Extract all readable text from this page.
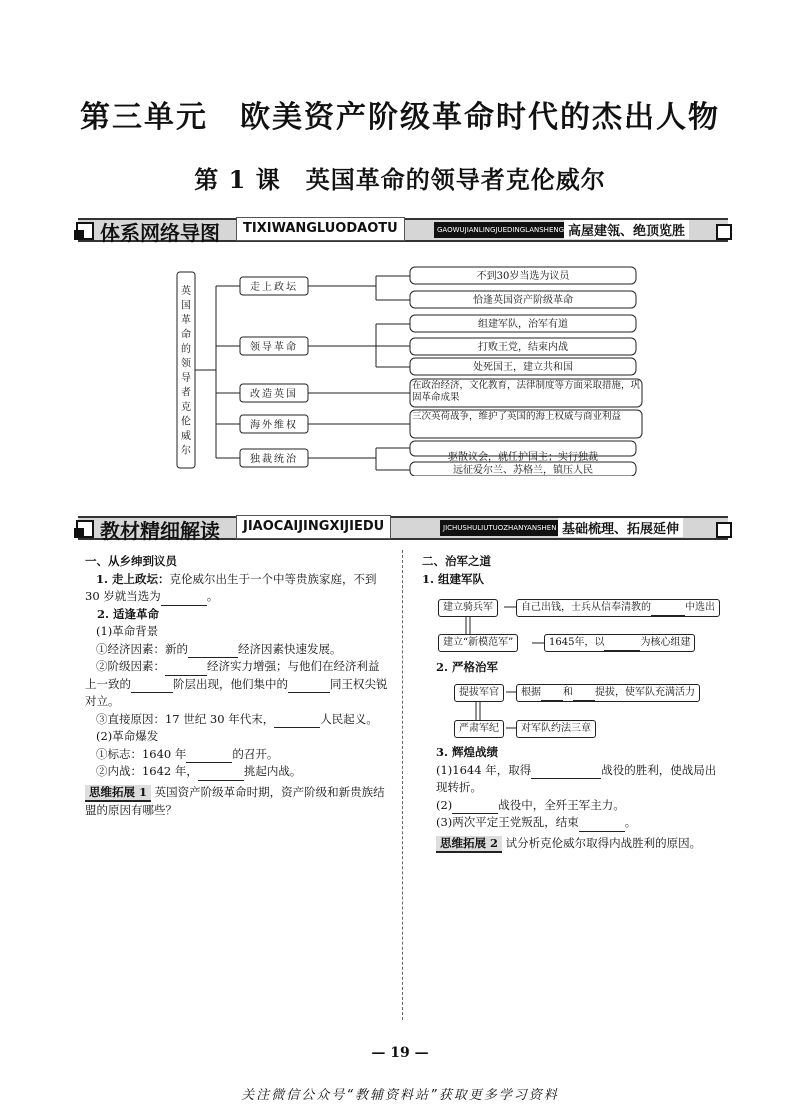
第三单元　欧美资产阶级革命时代的杰出人物
第 1 课　英国革命的领导者克伦威尔
体系网络导图	TIXIWANGLUODAOTU	GAOWUJIANLINGJUEDINGLANSHENG 高屋建瓴、绝顶览胜
英国革命的领导者克伦威尔
走上政坛
领导革命
改造英国
海外维权
独裁统治
不到30岁当选为议员
恰逢英国资产阶级革命
组建军队，治军有道
打败王党，结束内战
处死国王，建立共和国
驱散议会，就任护国主；实行独裁
远征爱尔兰、苏格兰，镇压人民
在政治经济，文化教育，法律制度等方面采取措施，巩固革命成果
三次英荷战争，维护了英国的海上权威与商业利益
教材精细解读	JIAOCAIJINGXIJIEDU	JICHUSHULIUTUOZHANYANSHEN 基础梳理、拓展延伸

一、从乡绅到议员

1. 走上政坛：克伦威尔出生于一个中等贵族家庭，不到

30 岁就当选为	。

2. 适逢革命

(1)革命背景

①经济因素：新的	经济因素快速发展。

②阶级因素：	经济实力增强；与他们在经济利益

上一致的	阶层出现，他们集中的	同王权尖锐

对立。

③直接原因：17 世纪 30 年代末，	人民起义。

(2)革命爆发

①标志：1640 年	的召开。

②内战：1642 年，	挑起内战。

思维拓展 1 英国资产阶级革命时期，资产阶级和新贵族结盟的原因有哪些？

二、治军之道

1. 组建军队

建立骑兵军	自己出钱，士兵从信奉清教的	中选出
建立“新模范军”	1645年，以	为核心组建

2. 严格治军

提拔军官	根据 和 提拔，使军队充满活力
严肃军纪	对军队约法三章

3. 辉煌战绩

(1)1644 年，取得	战役的胜利，使战局出

现转折。

(2)	战役中，全歼王军主力。

(3)两次平定王党叛乱，结束	。

思维拓展 2 试分析克伦威尔取得内战胜利的原因。

— 19 —
关注微信公众号“教辅资料站”获取更多学习资料
